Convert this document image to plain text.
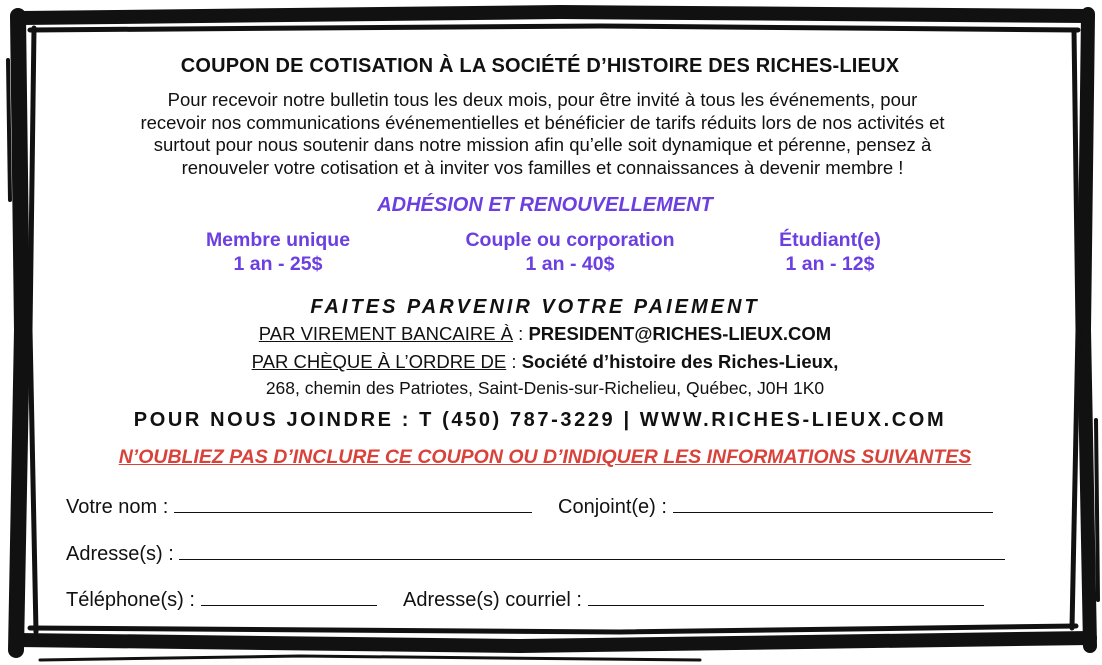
COUPON DE COTISATION À LA SOCIÉTÉ D’HISTOIRE DES RICHES-LIEUX
Pour recevoir notre bulletin tous les deux mois, pour être invité à tous les événements, pour
recevoir nos communications événementielles et bénéficier de tarifs réduits lors de nos activités et
surtout pour nous soutenir dans notre mission afin qu’elle soit dynamique et pérenne, pensez à
renouveler votre cotisation et à inviter vos familles et connaissances à devenir membre !
ADHÉSION ET RENOUVELLEMENT
Membre unique
1 an - 25$
Couple ou corporation
1 an - 40$
Étudiant(e)
1 an - 12$
FAITES PARVENIR VOTRE PAIEMENT
PAR VIREMENT BANCAIRE À : PRESIDENT@RICHES-LIEUX.COM
PAR CHÈQUE À L’ORDRE DE : Société d’histoire des Riches-Lieux,
268, chemin des Patriotes, Saint-Denis-sur-Richelieu, Québec, J0H 1K0
POUR NOUS JOINDRE : T (450) 787-3229 | WWW.RICHES-LIEUX.COM
N’OUBLIEZ PAS D’INCLURE CE COUPON OU D’INDIQUER LES INFORMATIONS SUIVANTES
Votre nom :	Conjoint(e) :
Adresse(s) :
Téléphone(s) :	Adresse(s) courriel :
